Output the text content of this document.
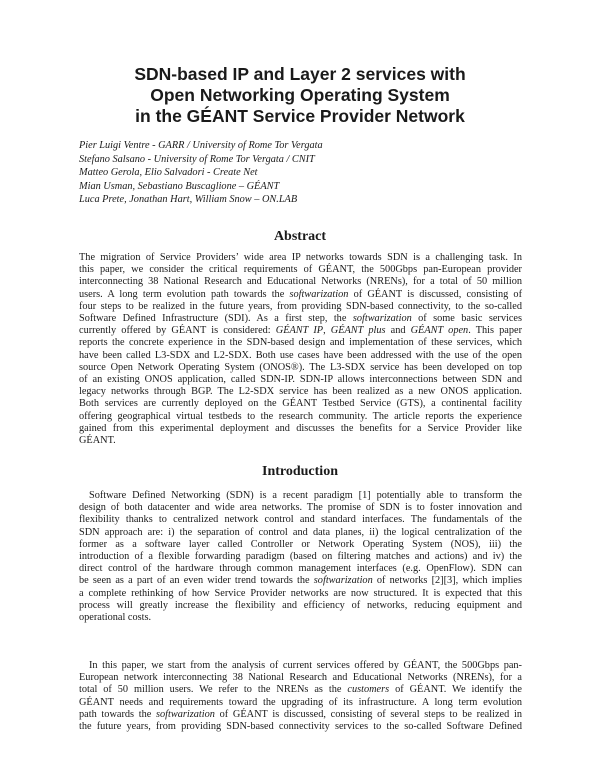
SDN-based IP and Layer 2 services with
Open Networking Operating System
in the GÉANT Service Provider Network
Pier Luigi Ventre - GARR / University of Rome Tor Vergata
Stefano Salsano - University of Rome Tor Vergata / CNIT
Matteo Gerola, Elio Salvadori - Create Net
Mian Usman, Sebastiano Buscaglione – GÉANT
Luca Prete, Jonathan Hart, William Snow – ON.LAB
Abstract
The migration of Service Providers’ wide area IP networks towards SDN is a challenging task. In
this paper, we consider the critical requirements of GÉANT, the 500Gbps pan-European provider
interconnecting 38 National Research and Educational Networks (NRENs), for a total of 50 million
users. A long term evolution path towards the softwarization of GÉANT is discussed, consisting of
four steps to be realized in the future years, from providing SDN-based connectivity, to the so-called
Software Defined Infrastructure (SDI). As a first step, the softwarization of some basic services
currently offered by GÉANT is considered: GÉANT IP, GÉANT plus and GÉANT open. This paper
reports the concrete experience in the SDN-based design and implementation of these services, which
have been called L3-SDX and L2-SDX. Both use cases have been addressed with the use of the open
source Open Network Operating System (ONOS®). The L3-SDX service has been developed on top
of an existing ONOS application, called SDN-IP. SDN-IP allows interconnections between SDN and
legacy networks through BGP. The L2-SDX service has been realized as a new ONOS application.
Both services are currently deployed on the GÉANT Testbed Service (GTS), a continental facility
offering geographical virtual testbeds to the research community. The article reports the experience
gained from this experimental deployment and discusses the benefits for a Service Provider like
GÉANT.
Introduction
Software Defined Networking (SDN) is a recent paradigm [1] potentially able to transform the
design of both datacenter and wide area networks. The promise of SDN is to foster innovation and
flexibility thanks to centralized network control and standard interfaces. The fundamentals of the
SDN approach are: i) the separation of control and data planes, ii) the logical centralization of the
former as a software layer called Controller or Network Operating System (NOS), iii) the
introduction of a flexible forwarding paradigm (based on filtering matches and actions) and iv) the
direct control of the hardware through common management interfaces (e.g. OpenFlow). SDN can
be seen as a part of an even wider trend towards the softwarization of networks [2][3], which implies
a complete rethinking of how Service Provider networks are now structured. It is expected that this
process will greatly increase the flexibility and efficiency of networks, reducing equipment and
operational costs.
In this paper, we start from the analysis of current services offered by GÉANT, the 500Gbps pan-
European network interconnecting 38 National Research and Educational Networks (NRENs), for a
total of 50 million users. We refer to the NRENs as the customers of GÉANT. We identify the
GÉANT needs and requirements toward the upgrading of its infrastructure. A long term evolution
path towards the softwarization of GÉANT is discussed, consisting of several steps to be realized in
the future years, from providing SDN-based connectivity services to the so-called Software Defined
